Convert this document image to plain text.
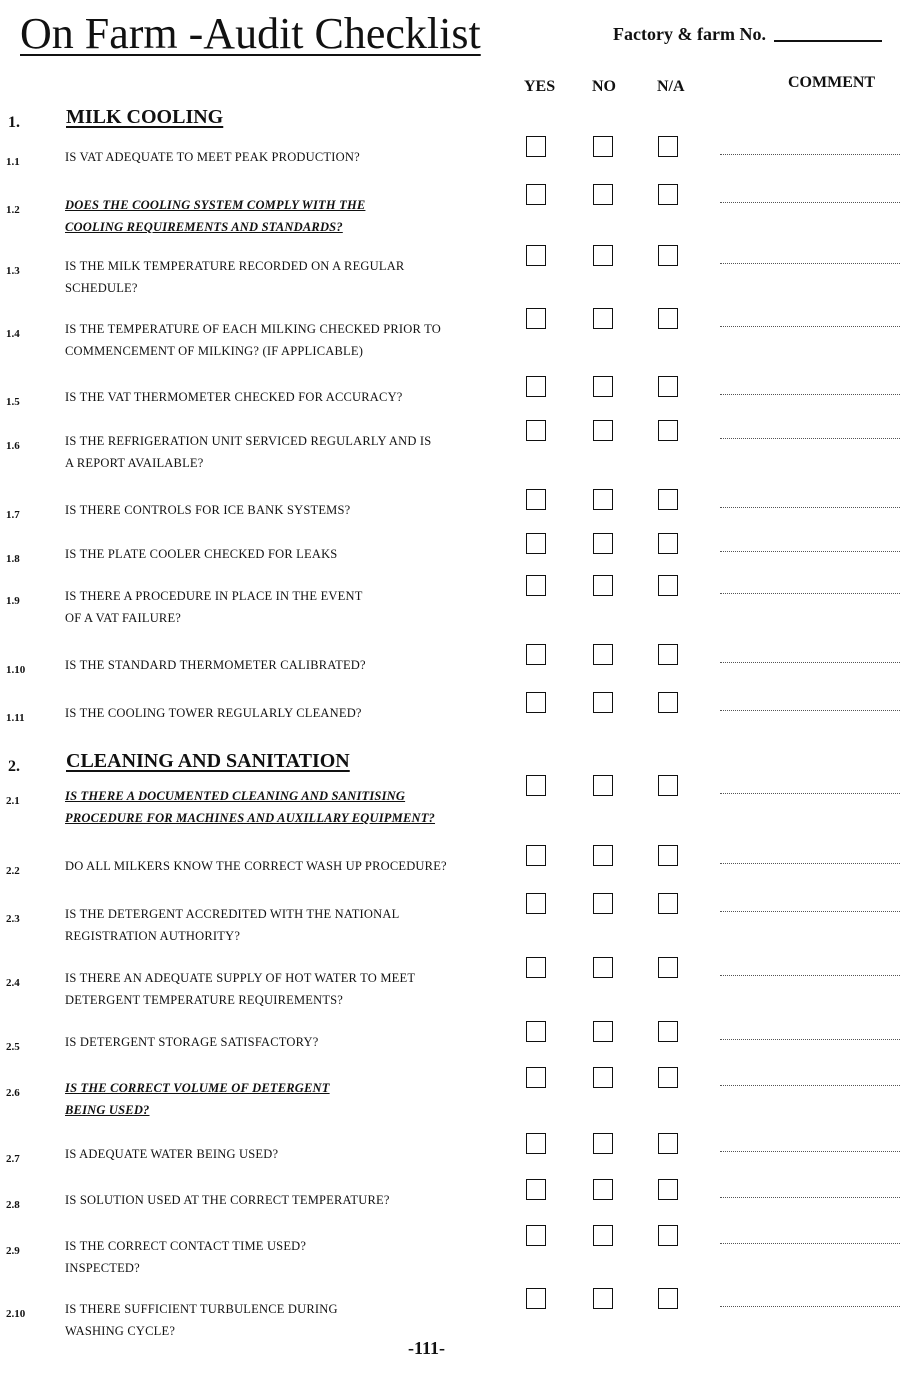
On Farm -Audit Checklist	Factory & farm No.
YES NO	N/A	COMMENT
1. MILK COOLING
1.1	IS VAT ADEQUATE TO MEET PEAK PRODUCTION?
1.2	DOES THE COOLING SYSTEM COMPLY WITH THE
COOLING REQUIREMENTS AND STANDARDS?
1.3	IS THE MILK TEMPERATURE RECORDED ON A REGULAR
SCHEDULE?
1.4	IS THE TEMPERATURE OF EACH MILKING CHECKED PRIOR TO
COMMENCEMENT OF MILKING? (IF APPLICABLE)
1.5	IS THE VAT THERMOMETER CHECKED FOR ACCURACY?
1.6	IS THE REFRIGERATION UNIT SERVICED REGULARLY AND IS
A REPORT AVAILABLE?
1.7	IS THERE CONTROLS FOR ICE BANK SYSTEMS?
1.8	IS THE PLATE COOLER CHECKED FOR LEAKS
1.9	IS THERE A PROCEDURE IN PLACE IN THE EVENT
OF A VAT FAILURE?
1.10	IS THE STANDARD THERMOMETER CALIBRATED?
1.11	IS THE COOLING TOWER REGULARLY CLEANED?
2. CLEANING AND SANITATION
2.1	IS THERE A DOCUMENTED CLEANING AND SANITISING
PROCEDURE FOR MACHINES AND AUXILLARY EQUIPMENT?
2.2	DO ALL MILKERS KNOW THE CORRECT WASH UP PROCEDURE?
2.3	IS THE DETERGENT ACCREDITED WITH THE NATIONAL
REGISTRATION AUTHORITY?
2.4	IS THERE AN ADEQUATE SUPPLY OF HOT WATER TO MEET
DETERGENT TEMPERATURE REQUIREMENTS?
2.5	IS DETERGENT STORAGE SATISFACTORY?
2.6	IS THE CORRECT VOLUME OF DETERGENT
BEING USED?
2.7	IS ADEQUATE WATER BEING USED?
2.8	IS SOLUTION USED AT THE CORRECT TEMPERATURE?
2.9	IS THE CORRECT CONTACT TIME USED?
INSPECTED?
2.10	IS THERE SUFFICIENT TURBULENCE DURING
WASHING CYCLE?
-111-
